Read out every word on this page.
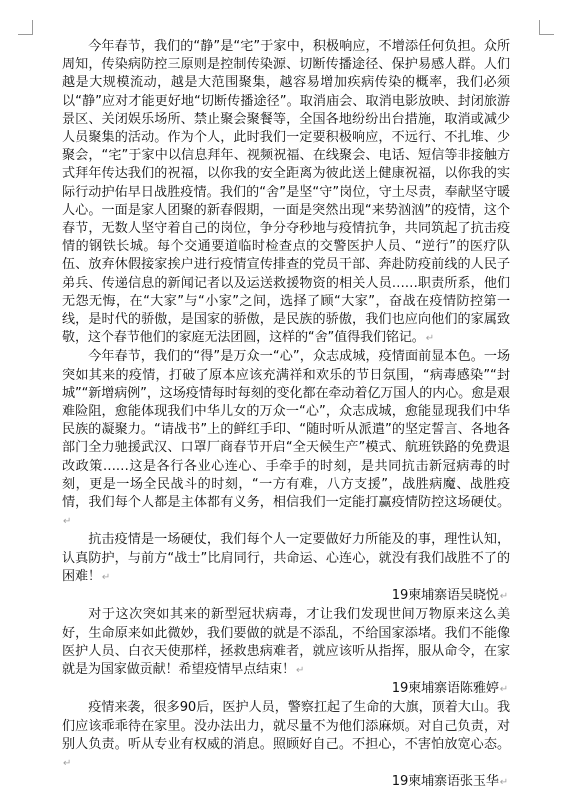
今年春节，我们的“静”是“宅”于家中，积极响应，不增添任何负担。众所周知，传染病防控三原则是控制传染源、切断传播途径、保护易感人群。人们越是大规模流动，越是大范围聚集，越容易增加疾病传染的概率，我们必须以“静”应对才能更好地“切断传播途径”。取消庙会、取消电影放映、封闭旅游景区、关闭娱乐场所、禁止聚会聚餐等，全国各地纷纷出台措施，取消或减少人员聚集的活动。作为个人，此时我们一定要积极响应，不远行、不扎堆、少聚会，“宅”于家中以信息拜年、视频祝福、在线聚会、电话、短信等非接触方式拜年传达我们的祝福，以你我的安全距离为彼此送上健康祝福，以你我的实际行动护佑早日战胜疫情。我们的“舍”是坚“守”岗位，守土尽责，奉献坚守暖人心。一面是家人团聚的新春假期，一面是突然出现“来势汹汹”的疫情，这个春节，无数人坚守着自己的岗位，争分夺秒地与疫情抗争，共同筑起了抗击疫情的钢铁长城。每个交通要道临时检查点的交警医护人员、“逆行”的医疗队伍、放弃休假接家挨户进行疫情宣传排查的党员干部、奔赴防疫前线的人民子弟兵、传递信息的新闻记者以及运送救援物资的相关人员……职责所系，他们无怨无悔，在“大家”与“小家”之间，选择了顾“大家”，奋战在疫情防控第一线，是时代的骄傲，是国家的骄傲，是民族的骄傲，我们也应向他们的家属致敬，这个春节他们的家庭无法团圆，这样的“舍”值得我们铭记。↵

今年春节，我们的“得”是万众一“心”，众志成城，疫情面前显本色。一场突如其来的疫情，打破了原本应该充满祥和欢乐的节日氛围，“病毒感染”“封城”“新增病例”，这场疫情每时每刻的变化都在牵动着亿万国人的内心。愈是艰难险阻，愈能体现我们中华儿女的万众一“心”，众志成城，愈能显现我们中华民族的凝聚力。“请战书”上的鲜红手印、“随时听从派遣”的坚定誓言、各地各部门全力驰援武汉、口罩厂商春节开启“全天候生产”模式、航班铁路的免费退改政策……这是各行各业心连心、手牵手的时刻，是共同抗击新冠病毒的时刻，更是一场全民战斗的时刻，“一方有难，八方支援”，战胜病魔、战胜疫情，我们每个人都是主体都有义务，相信我们一定能打赢疫情防控这场硬仗。↵

抗击疫情是一场硬仗，我们每个人一定要做好力所能及的事，理性认知，认真防护，与前方“战士”比肩同行，共命运、心连心，就没有我们战胜不了的困难！↵

19柬埔寨语吴晓悦↵

对于这次突如其来的新型冠状病毒，才让我们发现世间万物原来这么美好，生命原来如此微妙，我们要做的就是不添乱，不给国家添堵。我们不能像医护人员、白衣天使那样，拯救患病难者，就应该听从指挥，服从命令，在家就是为国家做贡献！希望疫情早点结束！↵

19柬埔寨语陈雅婷↵

疫情来袭，很多90后，医护人员，警察扛起了生命的大旗，顶着大山。我们应该乖乖待在家里。没办法出力，就尽量不为他们添麻烦。对自己负责，对别人负责。听从专业有权威的消息。照顾好自己。不担心，不害怕放宽心态。↵

19柬埔寨语张玉华↵
